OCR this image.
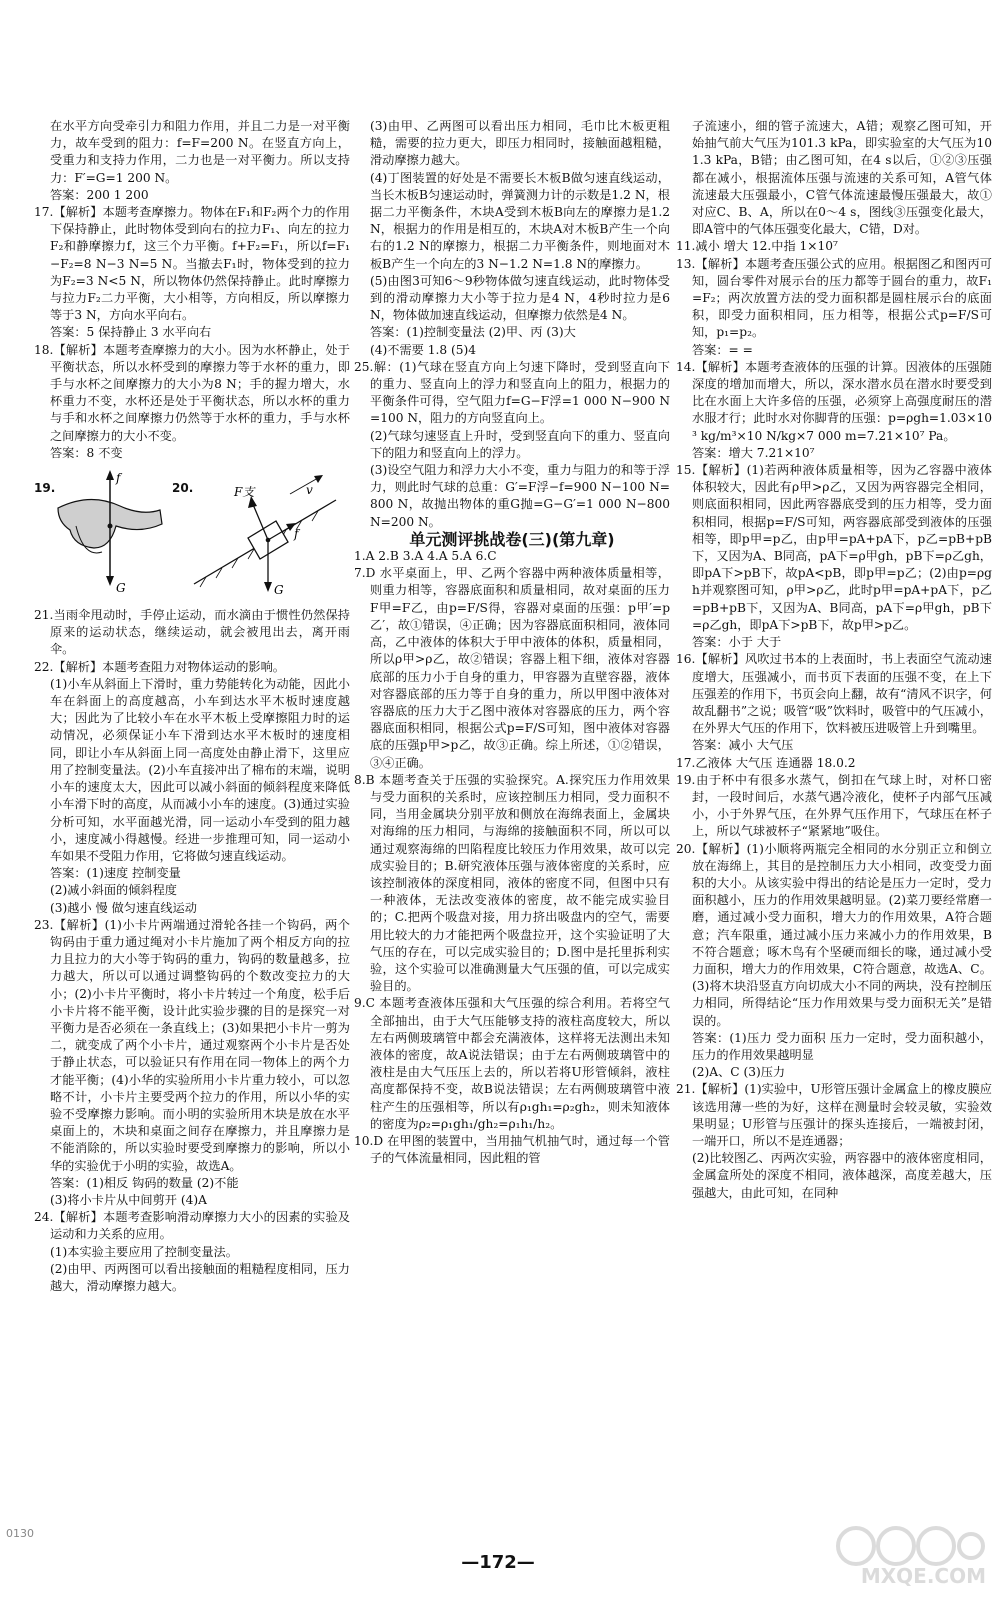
在水平方向受牵引力和阻力作用，并且二力是一对平衡力，故车受到的阻力：f=F=200 N。在竖直方向上，受重力和支持力作用，二力也是一对平衡力。所以支持力：F′=G=1 200 N。

答案：200 1 200

17.【解析】本题考查摩擦力。物体在F₁和F₂两个力的作用下保持静止，此时物体受到向右的拉力F₁、向左的拉力F₂和静摩擦力f，这三个力平衡。f+F₂=F₁，所以f=F₁−F₂=8 N−3 N=5 N。当撤去F₁时，物体受到的拉力为F₂=3 N<5 N，所以物体仍然保持静止。此时摩擦力与拉力F₂二力平衡，大小相等，方向相反，所以摩擦力等于3 N，方向水平向右。

答案：5 保持静止 3 水平向右

18.【解析】本题考查摩擦力的大小。因为水杯静止，处于平衡状态，所以水杯受到的摩擦力等于水杯的重力，即手与水杯之间摩擦力的大小为8 N；手的握力增大，水杯重力不变，水杯还是处于平衡状态，所以水杯的重力与手和水杯之间摩擦力仍然等于水杯的重力，手与水杯之间摩擦力的大小不变。

答案：8 不变

19.
f
G
20.	F支	v
f
G

21.当雨伞甩动时，手停止运动，而水滴由于惯性仍然保持原来的运动状态，继续运动，就会被甩出去，离开雨伞。

22.【解析】本题考查阻力对物体运动的影响。

(1)小车从斜面上下滑时，重力势能转化为动能，因此小车在斜面上的高度越高，小车到达水平木板时速度越大；因此为了比较小车在水平木板上受摩擦阻力时的运动情况，必须保证小车下滑到达水平木板时的速度相同，即让小车从斜面上同一高度处由静止滑下，这里应用了控制变量法。(2)小车直接冲出了棉布的末端，说明小车的速度太大，因此可以减小斜面的倾斜程度来降低小车滑下时的高度，从而减小小车的速度。(3)通过实验分析可知，水平面越光滑，同一运动小车受到的阻力越小，速度减小得越慢。经进一步推理可知，同一运动小车如果不受阻力作用，它将做匀速直线运动。

答案：(1)速度 控制变量

(2)减小斜面的倾斜程度

(3)越小 慢 做匀速直线运动

23.【解析】(1)小卡片两端通过滑轮各挂一个钩码，两个钩码由于重力通过绳对小卡片施加了两个相反方向的拉力且拉力的大小等于钩码的重力，钩码的数量越多，拉力越大，所以可以通过调整钩码的个数改变拉力的大小；(2)小卡片平衡时，将小卡片转过一个角度，松手后小卡片将不能平衡，设计此实验步骤的目的是探究一对平衡力是否必须在一条直线上；(3)如果把小卡片一剪为二，就变成了两个小卡片，通过观察两个小卡片是否处于静止状态，可以验证只有作用在同一物体上的两个力才能平衡；(4)小华的实验所用小卡片重力较小，可以忽略不计，小卡片主要受两个拉力的作用，所以小华的实验不受摩擦力影响。而小明的实验所用木块是放在水平桌面上的，木块和桌面之间存在摩擦力，并且摩擦力是不能消除的，所以实验时要受到摩擦力的影响，所以小华的实验优于小明的实验，故选A。

答案：(1)相反 钩码的数量 (2)不能

(3)将小卡片从中间剪开 (4)A

24.【解析】本题考查影响滑动摩擦力大小的因素的实验及运动和力关系的应用。

(1)本实验主要应用了控制变量法。

(2)由甲、丙两图可以看出接触面的粗糙程度相同，压力越大，滑动摩擦力越大。

(3)由甲、乙两图可以看出压力相同，毛巾比木板更粗糙，需要的拉力更大，即压力相同时，接触面越粗糙，滑动摩擦力越大。

(4)丁图装置的好处是不需要长木板B做匀速直线运动，当长木板B匀速运动时，弹簧测力计的示数是1.2 N，根据二力平衡条件，木块A受到木板B向左的摩擦力是1.2 N，根据力的作用是相互的，木块A对木板B产生一个向右的1.2 N的摩擦力，根据二力平衡条件，则地面对木板B产生一个向左的3 N−1.2 N=1.8 N的摩擦力。

(5)由图3可知6～9秒物体做匀速直线运动，此时物体受到的滑动摩擦力大小等于拉力是4 N，4秒时拉力是6 N，物体做加速直线运动，但摩擦力依然是4 N。

答案：(1)控制变量法 (2)甲、丙 (3)大

(4)不需要 1.8 (5)4

25.解：(1)气球在竖直方向上匀速下降时，受到竖直向下的重力、竖直向上的浮力和竖直向上的阻力，根据力的平衡条件可得，空气阻力f=G−F浮=1 000 N−900 N=100 N，阻力的方向竖直向上。

(2)气球匀速竖直上升时，受到竖直向下的重力、竖直向下的阻力和竖直向上的浮力。

(3)设空气阻力和浮力大小不变，重力与阻力的和等于浮力，则此时气球的总重：G′=F浮−f=900 N−100 N=800 N，故抛出物体的重G抛=G−G′=1 000 N−800 N=200 N。

单元测评挑战卷(三)(第九章)

1.A 2.B 3.A 4.A 5.A 6.C

7.D 水平桌面上，甲、乙两个容器中两种液体质量相等，则重力相等，容器底面积和质量相同，故对桌面的压力F甲=F乙，由p=F/S得，容器对桌面的压强：p甲′=p乙′，故①错误，④正确；因为容器底面积相同，液体同高，乙中液体的体积大于甲中液体的体积，质量相同，所以ρ甲>ρ乙，故②错误；容器上粗下细，液体对容器底部的压力小于自身的重力，甲容器为直壁容器，液体对容器底部的压力等于自身的重力，所以甲图中液体对容器底的压力大于乙图中液体对容器底的压力，两个容器底面积相同，根据公式p=F/S可知，图中液体对容器底的压强p甲>p乙，故③正确。综上所述，①②错误，③④正确。

8.B 本题考查关于压强的实验探究。A.探究压力作用效果与受力面积的关系时，应该控制压力相同，受力面积不同，当用金属块分别平放和侧放在海绵表面上，金属块对海绵的压力相同，与海绵的接触面积不同，所以可以通过观察海绵的凹陷程度比较压力作用效果，故可以完成实验目的；B.研究液体压强与液体密度的关系时，应该控制液体的深度相同，液体的密度不同，但图中只有一种液体，无法改变液体的密度，故不能完成实验目的；C.把两个吸盘对接，用力挤出吸盘内的空气，需要用比较大的力才能把两个吸盘拉开，这个实验证明了大气压的存在，可以完成实验目的；D.图中是托里拆利实验，这个实验可以准确测量大气压强的值，可以完成实验目的。

9.C 本题考查液体压强和大气压强的综合利用。若将空气全部抽出，由于大气压能够支持的液柱高度较大，所以左右两侧玻璃管中都会充满液体，这样将无法测出未知液体的密度，故A说法错误；由于左右两侧玻璃管中的液柱是由大气压压上去的，所以若将U形管倾斜，液柱高度都保持不变，故B说法错误；左右两侧玻璃管中液柱产生的压强相等，所以有ρ₁gh₁=ρ₂gh₂，则未知液体的密度为ρ₂=ρ₁gh₁/gh₂=ρ₁h₁/h₂。

10.D 在甲图的装置中，当用抽气机抽气时，通过每一个管子的气体流量相同，因此粗的管

子流速小，细的管子流速大，A错；观察乙图可知，开始抽气前大气压为101.3 kPa，即实验室的大气压为101.3 kPa，B错；由乙图可知，在4 s以后，①②③压强都在减小，根据流体压强与流速的关系可知，A管气体流速最大压强最小，C管气体流速最慢压强最大，故①对应C、B、A，所以在0～4 s，图线③压强变化最大，即A管中的气体压强变化最大，C错，D对。

11.减小 增大 12.中指 1×10⁷

13.【解析】本题考查压强公式的应用。根据图乙和图丙可知，圆台零件对展示台的压力都等于圆台的重力，故F₁=F₂；两次放置方法的受力面积都是圆柱展示台的底面积，即受力面积相同，压力相等，根据公式p=F/S可知，p₁=p₂。

答案：= =

14.【解析】本题考查液体的压强的计算。因液体的压强随深度的增加而增大，所以，深水潜水员在潜水时要受到比在水面上大许多倍的压强，必须穿上高强度耐压的潜水服才行；此时水对你脚背的压强：p=ρgh=1.03×10³ kg/m³×10 N/kg×7 000 m=7.21×10⁷ Pa。

答案：增大 7.21×10⁷

15.【解析】(1)若两种液体质量相等，因为乙容器中液体体积较大，因此有ρ甲>ρ乙，又因为两容器完全相同，则底面积相同，因此两容器底受到的压力相等，受力面积相同，根据p=F/S可知，两容器底部受到液体的压强相等，即p甲=p乙，由p甲=pA+pA下，p乙=pB+pB下，又因为A、B同高，pA下=ρ甲gh，pB下=ρ乙gh，即pA下>pB下，故pA<pB，即p甲=p乙；(2)由p=ρgh并观察图可知，ρ甲>ρ乙，此时p甲=pA+pA下，p乙=pB+pB下，又因为A、B同高，pA下=ρ甲gh，pB下=ρ乙gh，即pA下>pB下，故p甲>p乙。

答案：小于 大于

16.【解析】风吹过书本的上表面时，书上表面空气流动速度增大，压强减小，而书页下表面的压强不变，在上下压强差的作用下，书页会向上翻，故有“清风不识字，何故乱翻书”之说；吸管“吸”饮料时，吸管中的气压减小，在外界大气压的作用下，饮料被压进吸管上升到嘴里。

答案：减小 大气压

17.乙液体 大气压 连通器 18.0.2

19.由于杯中有很多水蒸气，倒扣在气球上时，对杯口密封，一段时间后，水蒸气遇冷液化，使杯子内部气压减小，小于外界气压，在外界气压作用下，气球压在杯子上，所以气球被杯子“紧紧地”吸住。

20.【解析】(1)小顺将两瓶完全相同的水分别正立和倒立放在海绵上，其目的是控制压力大小相同，改变受力面积的大小。从该实验中得出的结论是压力一定时，受力面积越小，压力的作用效果越明显。(2)菜刀要经常磨一磨，通过减小受力面积，增大力的作用效果，A符合题意；汽车限重，通过减小压力来减小力的作用效果，B不符合题意；啄木鸟有个坚硬而细长的喙，通过减小受力面积，增大力的作用效果，C符合题意，故选A、C。(3)将木块沿竖直方向切成大小不同的两块，没有控制压力相同，所得结论“压力作用效果与受力面积无关”是错误的。

答案：(1)压力 受力面积 压力一定时，受力面积越小，压力的作用效果越明显

(2)A、C (3)压力

21.【解析】(1)实验中，U形管压强计金属盒上的橡皮膜应该选用薄一些的为好，这样在测量时会较灵敏，实验效果明显；U形管与压强计的探头连接后，一端被封闭，一端开口，所以不是连通器；

(2)比较图乙、丙两次实验，两容器中的液体密度相同，金属盒所处的深度不相同，液体越深，高度差越大，压强越大，由此可知，在同种

0130
—172—
MXQE.COM
